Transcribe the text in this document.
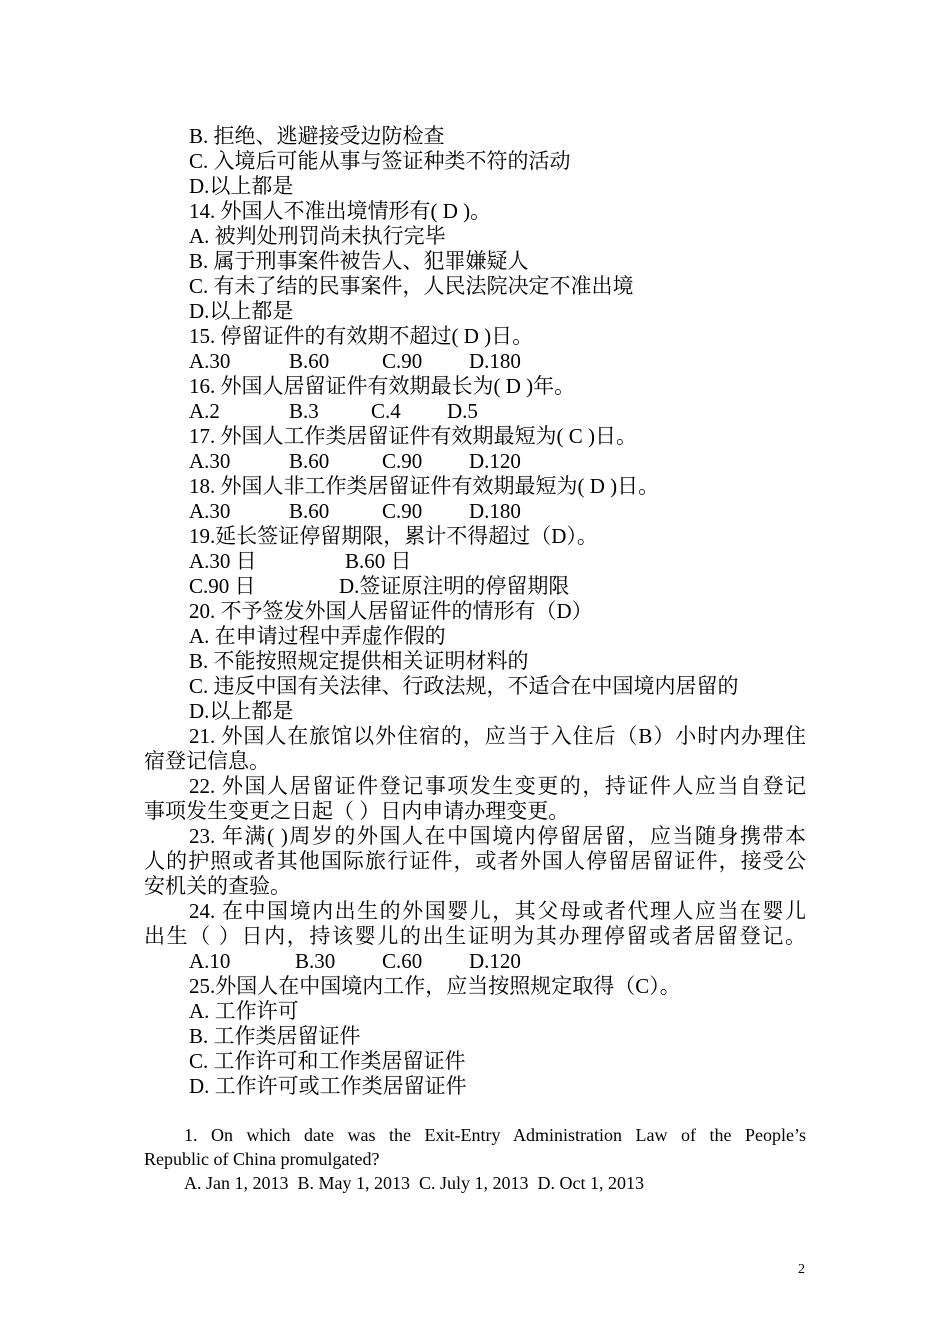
B. 拒绝、逃避接受边防检查
C. 入境后可能从事与签证种类不符的活动
D.以上都是
14. 外国人不准出境情形有( D )。
A. 被判处刑罚尚未执行完毕
B. 属于刑事案件被告人、犯罪嫌疑人
C. 有未了结的民事案件，人民法院决定不准出境
D.以上都是
15. 停留证件的有效期不超过( D )日。
A.30	B.60	C.90 D.180
16. 外国人居留证件有效期最长为( D )年。
A.2	B.3 C.4 D.5
17. 外国人工作类居留证件有效期最短为( C )日。
A.30	B.60	C.90 D.120
18. 外国人非工作类居留证件有效期最短为( D )日。
A.30	B.60	C.90 D.180
19.延长签证停留期限，累计不得超过（D）。
A.30 日	B.60 日
C.90 日	D.签证原注明的停留期限
20. 不予签发外国人居留证件的情形有（D）
A. 在申请过程中弄虚作假的
B. 不能按照规定提供相关证明材料的
C. 违反中国有关法律、行政法规，不适合在中国境内居留的
D.以上都是
21. 外国人在旅馆以外住宿的，应当于入住后（B）小时内办理住
宿登记信息。
22. 外国人居留证件登记事项发生变更的，持证件人应当自登记
事项发生变更之日起（ ）日内申请办理变更。
23. 年满( )周岁的外国人在中国境内停留居留，应当随身携带本
人的护照或者其他国际旅行证件，或者外国人停留居留证件，接受公
安机关的查验。
24. 在中国境内出生的外国婴儿，其父母或者代理人应当在婴儿
出生（ ）日内，持该婴儿的出生证明为其办理停留或者居留登记。
A.10	B.30 C.60 D.120
25.外国人在中国境内工作，应当按照规定取得（C）。
A. 工作许可
B. 工作类居留证件
C. 工作许可和工作类居留证件
D. 工作许可或工作类居留证件
1. On which date was the Exit-Entry Administration Law of the People’s
Republic of China promulgated?
A. Jan 1, 2013  B. May 1, 2013  C. July 1, 2013  D. Oct 1, 2013
2
